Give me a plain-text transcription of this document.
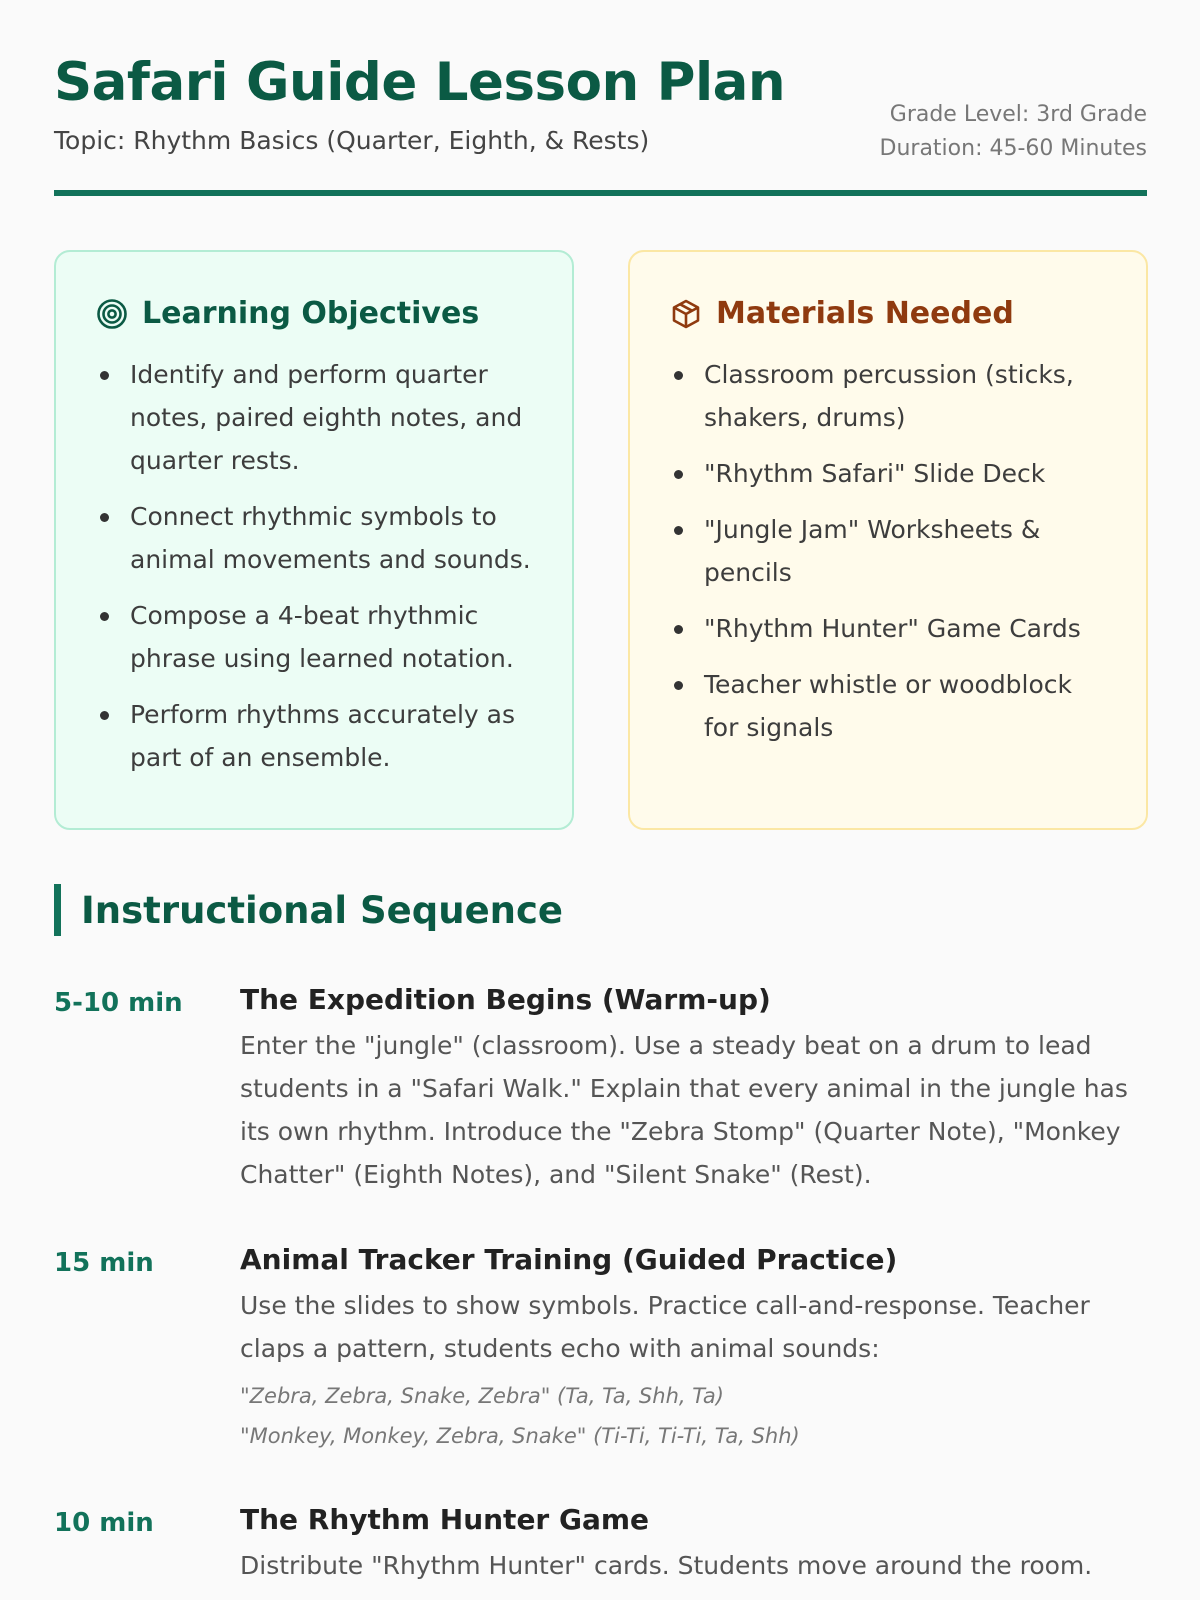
Safari Guide Lesson Plan
Topic: Rhythm Basics (Quarter, Eighth, & Rests)
Grade Level: 3rd Grade
Duration: 45-60 Minutes
Learning Objectives
Identify and perform quarter notes, paired eighth notes, and quarter rests.
Connect rhythmic symbols to animal movements and sounds.
Compose a 4-beat rhythmic phrase using learned notation.
Perform rhythms accurately as part of an ensemble.
Materials Needed
Classroom percussion (sticks, shakers, drums)
"Rhythm Safari" Slide Deck
"Jungle Jam" Worksheets & pencils
"Rhythm Hunter" Game Cards
Teacher whistle or woodblock for signals
Instructional Sequence
5-10 min The Expedition Begins (Warm-up)

Enter the "jungle" (classroom). Use a steady beat on a drum to lead students in a "Safari Walk." Explain that every animal in the jungle has its own rhythm. Introduce the "Zebra Stomp" (Quarter Note), "Monkey Chatter" (Eighth Notes), and "Silent Snake" (Rest).

15 min	Animal Tracker Training (Guided Practice)

Use the slides to show symbols. Practice call-and-response. Teacher claps a pattern, students echo with animal sounds:

"Zebra, Zebra, Snake, Zebra" (Ta, Ta, Shh, Ta)
"Monkey, Monkey, Zebra, Snake" (Ti-Ti, Ti-Ti, Ta, Shh)
10 min	The Rhythm Hunter Game

Distribute "Rhythm Hunter" cards. Students move around the room.
